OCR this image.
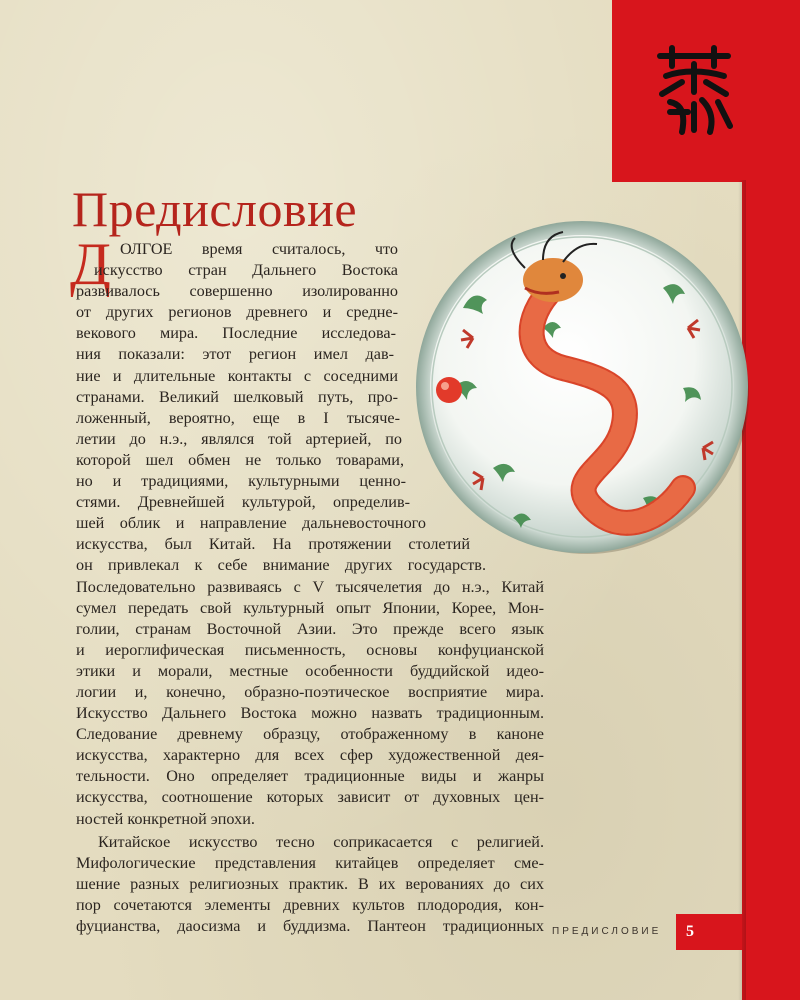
Предисловие
Д ОЛГОЕ время считалось, что
искусство стран Дальнего Востока
развивалось совершенно изолированно
от других регионов древнего и средне-
векового мира. Последние исследова-
ния показали: этот регион имел дав-
ние и длительные контакты с соседними
странами. Великий шелковый путь, про-
ложенный, вероятно, еще в I тысяче-
летии до н.э., являлся той артерией, по
которой шел обмен не только товарами,
но и традициями, культурными ценно-
стями. Древнейшей культурой, определив-
шей облик и направление дальневосточного
искусства, был Китай. На протяжении столетий
он привлекал к себе внимание других государств.
Последовательно развиваясь с V тысячелетия до н.э., Китай
сумел передать свой культурный опыт Японии, Корее, Мон-
голии, странам Восточной Азии. Это прежде всего язык
и иероглифическая письменность, основы конфуцианской
этики и морали, местные особенности буддийской идео-
логии и, конечно, образно-поэтическое восприятие мира.
Искусство Дальнего Востока можно назвать традиционным.
Следование древнему образцу, отображенному в каноне
искусства, характерно для всех сфер художественной дея-
тельности. Оно определяет традиционные виды и жанры
искусства, соотношение которых зависит от духовных цен-
ностей конкретной эпохи.
Китайское искусство тесно соприкасается с религией.
Мифологические представления китайцев определяет сме-
шение разных религиозных практик. В их верованиях до сих
пор сочетаются элементы древних культов плодородия, кон-
фуцианства, даосизма и буддизма. Пантеон традиционных ПРЕДИСЛОВИЕ	5
